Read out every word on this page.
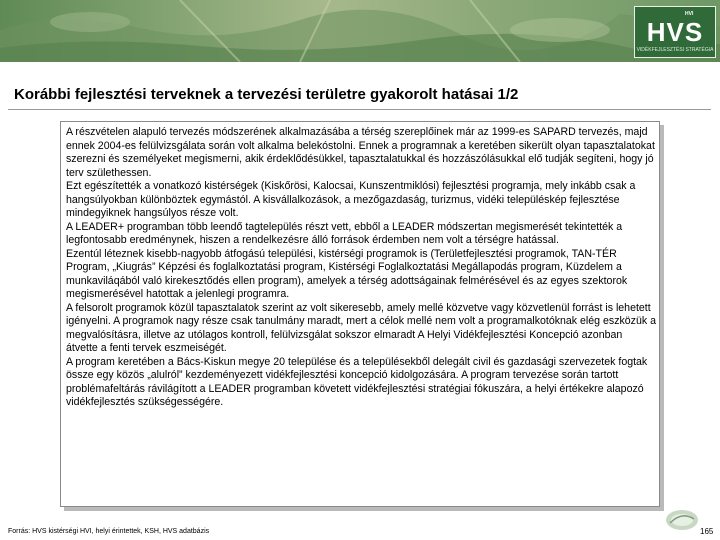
HVI
HVS
VIDÉKFEJLESZTÉSI STRATÉGIA
Korábbi fejlesztési terveknek a tervezési területre gyakorolt hatásai 1/2

A részvételen alapuló tervezés módszerének alkalmazásába a térség szereplőinek már az 1999-es SAPARD tervezés, majd ennek 2004-es felülvizsgálata során volt alkalma belekóstolni. Ennek a programnak a keretében sikerült olyan tapasztalatokat szerezni és személyeket megismerni, akik érdeklődésükkel, tapasztalatukkal és hozzászólásukkal elő tudják segíteni, hogy jó terv születhessen.

Ezt egészítették a vonatkozó kistérségek (Kiskőrösi, Kalocsai, Kunszentmiklósi) fejlesztési programja, mely inkább csak a hangsúlyokban különböztek egymástól. A kisvállalkozások, a mezőgazdaság, turizmus, vidéki településkép fejlesztése mindegyiknek hangsúlyos része volt.

A LEADER+ programban több leendő tagtelepülés részt vett, ebből a LEADER módszertan megismerését tekintették a legfontosabb eredménynek, hiszen a rendelkezésre álló források érdemben nem volt a térségre hatással.

Ezentúl léteznek kisebb-nagyobb átfogású települési, kistérségi programok is (Területfejlesztési programok, TAN-TÉR Program, „Kiugrás” Képzési és foglalkoztatási program, Kistérségi Foglalkoztatási Megállapodás program, Küzdelem a munkaviláqából való kirekesztődés ellen program), amelyek a térség adottságainak felmérésével és az egyes szektorok megismerésével hatottak a jelenlegi programra.

A felsorolt programok közül tapasztalatok szerint az volt sikeresebb, amely mellé közvetve vagy közvetlenül forrást is lehetett igényelni. A programok nagy része csak tanulmány maradt, mert a célok mellé nem volt a programalkotóknak elég eszközük a megvalósításra, illetve az utólagos kontroll, felülvizsgálat sokszor elmaradt A Helyi Vidékfejlesztési Koncepció azonban átvette a fenti tervek eszmeiségét.

A program keretében a Bács-Kiskun megye 20 települése és a településekből delegált civil és gazdasági szervezetek fogtak össze egy közös „alulról” kezdeményezett vidékfejlesztési koncepció kidolgozására. A program tervezése során tartott problémafeltárás rávilágított a LEADER programban követett vidékfejlesztési stratégiai fókuszára, a helyi értékekre alapozó vidékfejlesztés szükségességére.

Forrás: HVS kistérségi HVI, helyi érintettek, KSH, HVS adatbázis	165
